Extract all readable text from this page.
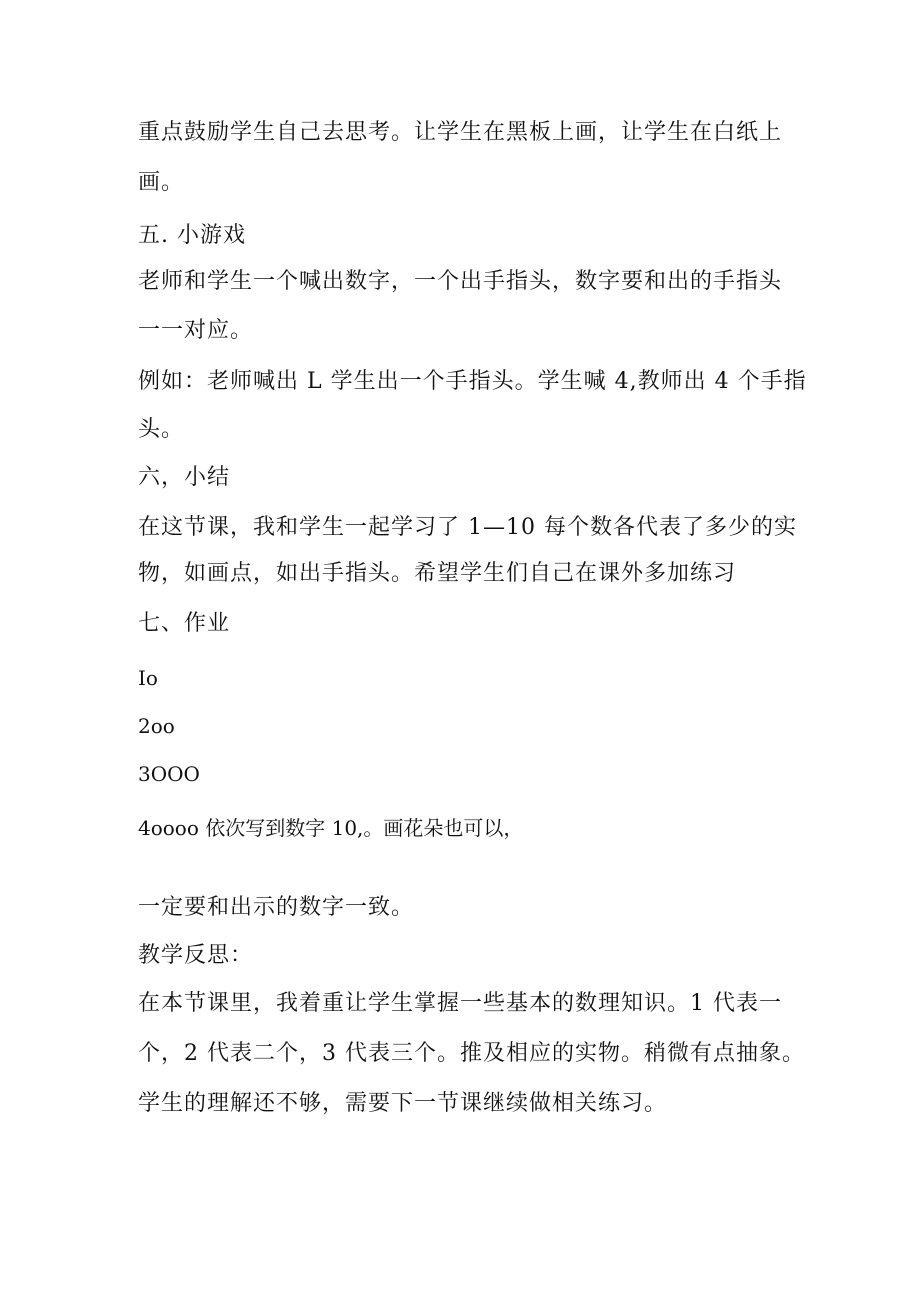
重点鼓励学生自己去思考。让学生在黑板上画，让学生在白纸上
画。
五. 小游戏
老师和学生一个喊出数字，一个出手指头，数字要和出的手指头
一一对应。
例如：老师喊出 L 学生出一个手指头。学生喊 4,教师出 4 个手指
头。
六，小结
在这节课，我和学生一起学习了 1—10 每个数各代表了多少的实
物，如画点，如出手指头。希望学生们自己在课外多加练习
七、作业
Io
2oo
3OOO
4oooo 依次写到数字 10,。画花朵也可以，
一定要和出示的数字一致。
教学反思：
在本节课里，我着重让学生掌握一些基本的数理知识。1 代表一
个，2 代表二个，3 代表三个。推及相应的实物。稍微有点抽象。
学生的理解还不够，需要下一节课继续做相关练习。
